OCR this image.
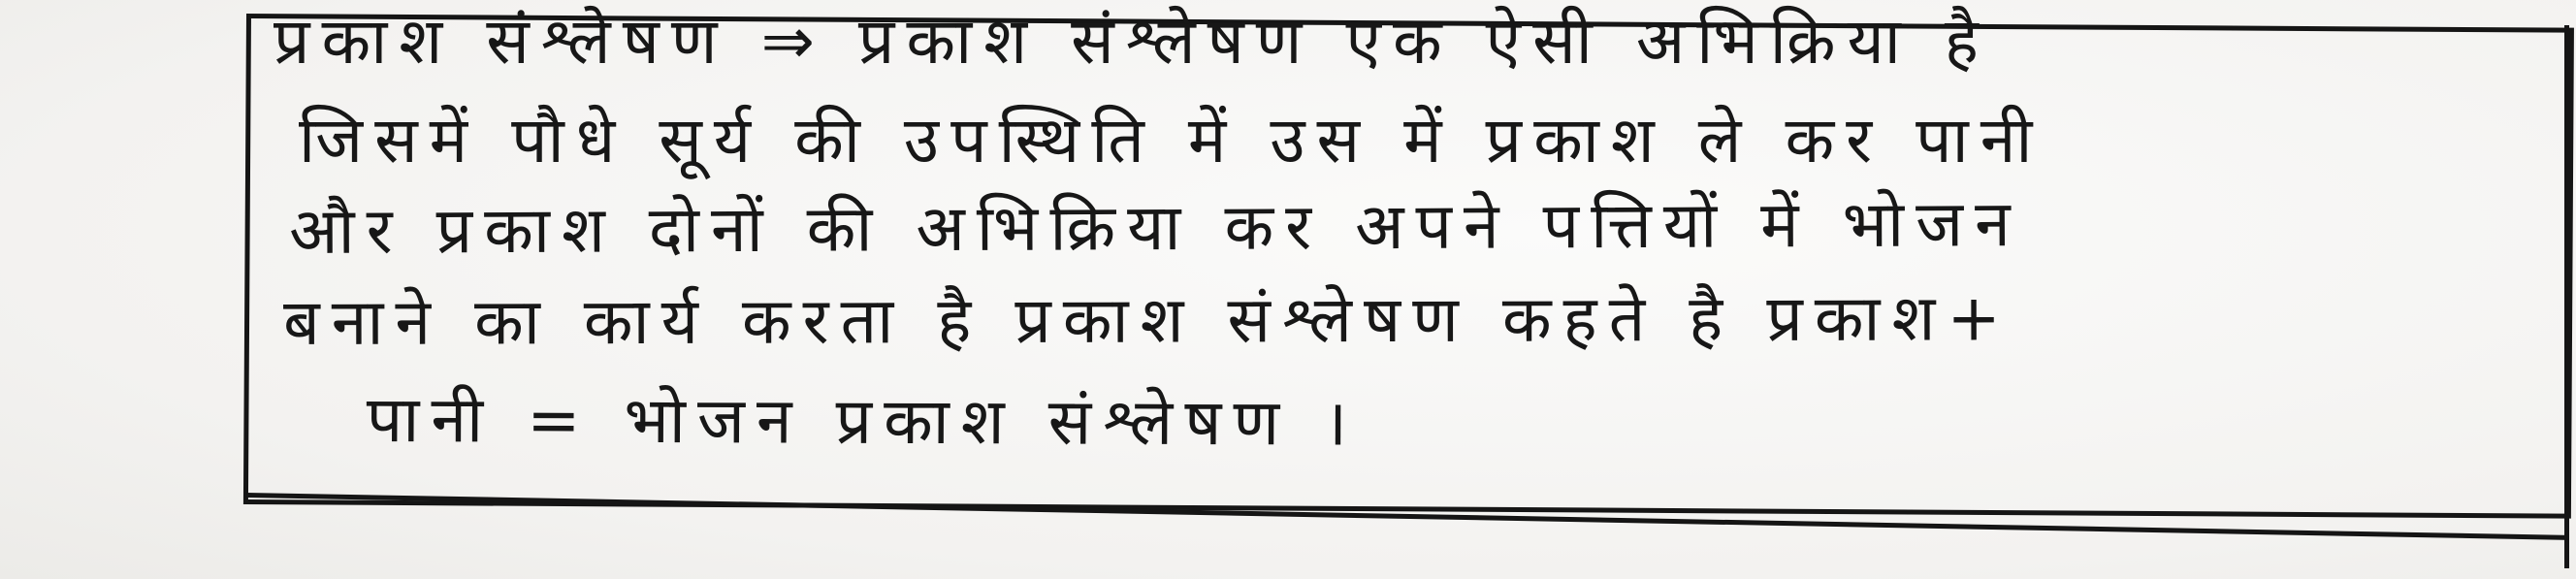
प्रकाश संश्लेषण ⇒ प्रकाश संश्लेषण एक ऐसी अभिक्रिया है
जिसमें पौधे सूर्य की उपस्थिति में उस में प्रकाश ले कर पानी
और प्रकाश दोनों की अभिक्रिया कर अपने पत्तियों में भोजन
बनाने का कार्य करता है प्रकाश संश्लेषण कहते है प्रकाश+
पानी = भोजन प्रकाश संश्लेषण ।
